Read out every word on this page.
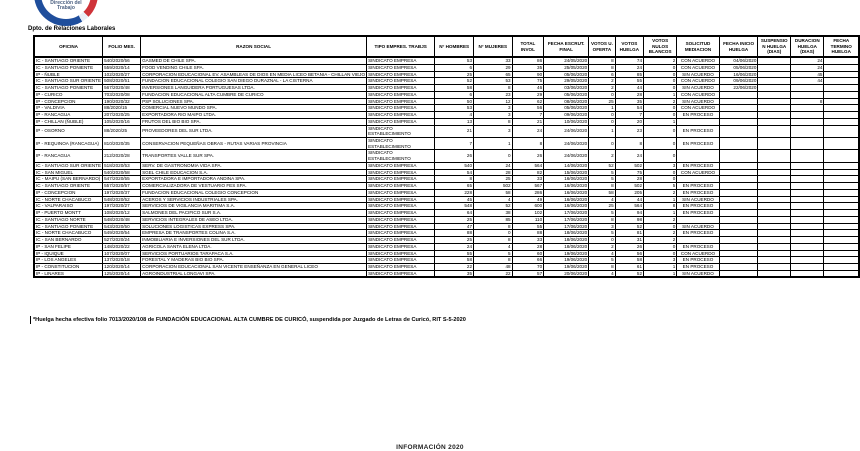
Dirección del
Trabajo
Dpto. de Relaciones Laborales
OFICINA	FOLIO MES.	RAZON SOCIAL	TIPO EMPRES. TRABJS	N° HOMBRES	N° MUJERES	TOTAL INVOL	FECHA ESCRUT. FINAL	VOTOS U. OFERTA	VOTOS HUELGA	VOTOS NULOS BLANCOS	SOLICITUD MEDIACION	FECHA INICIO HUELGA	SUSPENSIO N HUELGA (DIAS)	DURACION HUELGA (DIAS)	FECHA TERMINO HUELGA
IC - SANTIAGO ORIENTE	540/2020/56	GASMED DE CHILE SPA.	SINDICATO EMPRESA	53	33	86	24/05/2020	8	74	2	CON ACUERDO	04/06/2020		24	
IC - SANTIAGO PONIENTE	559/2020/14	FOOD VENDING CHILE SPA.	SINDICATO EMPRESA	6	29	35	25/05/2020	8	24	0	CON ACUERDO	05/06/2020		24	
IP - ÑUBLE	102/2020/27	CORPORACION EDUCACIONAL EV. ASAMBLEAS DE DIOS EN MEDIA LICEO BETANIA - CHILLAN VIEJO	SINDICATO EMPRESA	25	65	90	05/06/2020	6	85	0	SIN ACUERDO	16/06/2020		45	
IC - SANTIAGO SUR ORIENTE	508/2020/51	FUNDACION EDUCACIONAL COLEGIO SAN DIEGO DURAZNAL - LA CISTERNA	SINDICATO EMPRESA	52	53	75	29/05/2020	2	55	0	CON ACUERDO	09/06/2020		44	
IC - SANTIAGO PONIENTE	567/2020/48	INVERSIONES LANGUIDERA PORTUGUESAS LTDA.	SINDICATO EMPRESA	58	8	46	03/06/2020	2	44	0	SIN ACUERDO	22/06/2020			
IP - CURICO	703/2020/08	FUNDACION EDUCACIONAL ALTA CUMBRE DE CURICO	SINDICATO EMPRESA	6	23	29	05/06/2020	0	28	1	CON ACUERDO				
IP - CONCEPCION	190/2020/32	PSP SOLUCIONES SPA.	SINDICATO EMPRESA	50	12	62	08/06/2020	25	35	2	SIN ACUERDO			8	
IP - VALDIVIA	88/2020/15	COMERCIAL NUEVO MUNDO SPA.	SINDICATO EMPRESA	53	3	56	05/06/2020	1	54	0	CON ACUERDO				
IP - RANCAGUA	207/2020/25	EXPORTADORA RIO MAIPO LTDA.	SINDICATO EMPRESA	4	3	7	09/06/2020	0	7	0	EN PROCESO				
IP - CHILLAN (ÑUBLE)	105/2020/16	FRUTOS DEL BIO BIO SPA.	SINDICATO EMPRESA	13	8	21	10/06/2020	0	20	1					
IP - OSORNO	88/2020/25	PROVEEDORES DEL SUR LTDA.	SINDICATO ESTABLECIMIENTO	21	3	24	24/06/2020	1	23	0	EN PROCESO				
IP - REQUINOA (RANCAGUA)	810/2020/35	CONSERVACION PEQUEÑAS OBRAS - RUTAS VARIAS PROVINCIA	SINDICATO ESTABLECIMIENTO	7	1	8	24/06/2020	0	8	0	EN PROCESO				
IP - RANCAGUA	212/2020/28	TRANSPORTES VALLE SUR SPA.	SINDICATO ESTABLECIMIENTO	26	0	26	24/06/2020	2	24	0					
IC - SANTIAGO SUR ORIENTE	518/2020/53	SERV. DE GASTRONOMIA VIDA SPA.	SINDICATO EMPRESA	540	24	564	14/06/2020	52	502	3	EN PROCESO				
IC - SAN MIGUEL	540/2020/58	SGEL CHILE EDUCACION S.A.	SINDICATO EMPRESA	54	28	82	15/06/2020	5	75	0	CON ACUERDO				
IC - MAIPU (SAN BERNARDO)	547/2020/55	EXPORTADORA E IMPORTADORA ANDINA SPA.	SINDICATO EMPRESA	8	25	33	16/06/2020	5	28	0					
IC - SANTIAGO ORIENTE	557/2020/57	COMERCIALIZADORA DE VESTUARIO FES SPA.	SINDICATO EMPRESA	65	502	567	16/06/2020	8	502	5	EN PROCESO				
IP - CONCEPCION	197/2020/37	FUNDACION EDUCACIONAL COLEGIO CONCEPCION	SINDICATO EMPRESA	228	58	286	16/06/2020	58	205	2	EN PROCESO				
IC - NORTE CHACABUCO	548/2020/52	ACEROS Y SERVICIOS INDUSTRIALES SPA.	SINDICATO EMPRESA	45	4	49	16/06/2020	4	44	1	SIN ACUERDO				
IC - VALPARAISO	197/2020/27	SERVICIOS DE VIGILANCIA MARITIMA S.A.	SINDICATO EMPRESA	548	52	600	16/06/2020	25	564	8	EN PROCESO				
IP - PUERTO MONTT	108/2020/12	SALMONES DEL PACIFICO SUR S.A.	SINDICATO EMPRESA	64	38	102	17/06/2020	5	94	1	EN PROCESO				
IC - SANTIAGO NORTE	548/2020/48	SERVICIOS INTEGRALES DE ASEO LTDA.	SINDICATO EMPRESA	25	85	110	17/06/2020	8	98	2					
IC - SANTIAGO PONIENTE	543/2020/50	SOLUCIONES LOGISTICAS EXPRESS SPA.	SINDICATO EMPRESA	47	8	55	17/06/2020	3	52	0	SIN ACUERDO				
IC - NORTE CHACABUCO	549/2020/54	EMPRESA DE TRANSPORTES COLINA S.A.	SINDICATO EMPRESA	88	0	88	18/06/2020	5	81	2	EN PROCESO				
IC - SAN BERNARDO	527/2020/24	INMOBILIARIA E INVERSIONES DEL SUR LTDA.	SINDICATO EMPRESA	25	8	33	18/06/2020	0	31	2					
IP - SAN FELIPE	148/2020/22	AGRICOLA SANTA ELENA LTDA.	SINDICATO EMPRESA	24	4	28	18/06/2020	2	26	0	EN PROCESO				
IP - IQUIQUE	107/2020/07	SERVICIOS PORTUARIOS TARAPACA S.A.	SINDICATO EMPRESA	55	5	60	19/06/2020	4	56	0	CON ACUERDO				
IP - LOS ANGELES	137/2020/18	FORESTAL Y MADERAS BIO BIO SPA.	SINDICATO EMPRESA	58	8	66	19/06/2020	5	58	3	EN PROCESO				
IP - CONSTITUCION	120/2020/14	CORPORACION EDUCACIONAL SAN VICENTE ENSEÑANZA EN GENERAL LICEO	SINDICATO EMPRESA	22	48	70	19/06/2020	8	61	1	EN PROCESO				
IP - LINARES	125/2020/14	AGROINDUSTRIAL LONGAVI SPA.	SINDICATO EMPRESA	35	22	57	20/06/2020	4	52	1	SIN ACUERDO				
*Huelga hecha efectiva folio 7013/2020/108 de FUNDACIÓN EDUCACIONAL ALTA CUMBRE DE CURICÓ, suspendida por Juzgado de Letras de Curicó, RIT S-5-2020
INFORMACIÓN 2020
